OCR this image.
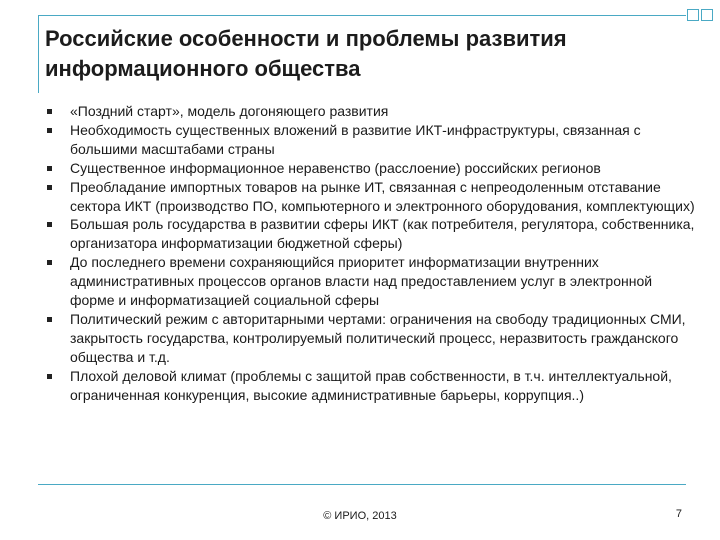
Российские особенности и проблемы развития информационного общества
«Поздний старт», модель догоняющего развития
Необходимость существенных вложений в развитие ИКТ-инфраструктуры, связанная с большими масштабами страны
Существенное информационное неравенство (расслоение) российских регионов
Преобладание импортных товаров на рынке ИТ, связанная с непреодоленным отставание сектора ИКТ (производство ПО, компьютерного и электронного оборудования, комплектующих)
Большая роль государства в развитии сферы ИКТ (как потребителя, регулятора, собственника, организатора информатизации бюджетной сферы)
До последнего времени сохраняющийся приоритет информатизации внутренних административных процессов органов власти над предоставлением услуг в электронной форме и информатизацией социальной сферы
Политический режим с авторитарными чертами: ограничения на свободу традиционных СМИ, закрытость государства, контролируемый политический процесс, неразвитость гражданского общества и т.д.
Плохой деловой климат (проблемы с защитой прав собственности, в т.ч. интеллектуальной, ограниченная конкуренция, высокие административные барьеры, коррупция..)
© ИРИО, 2013	7
